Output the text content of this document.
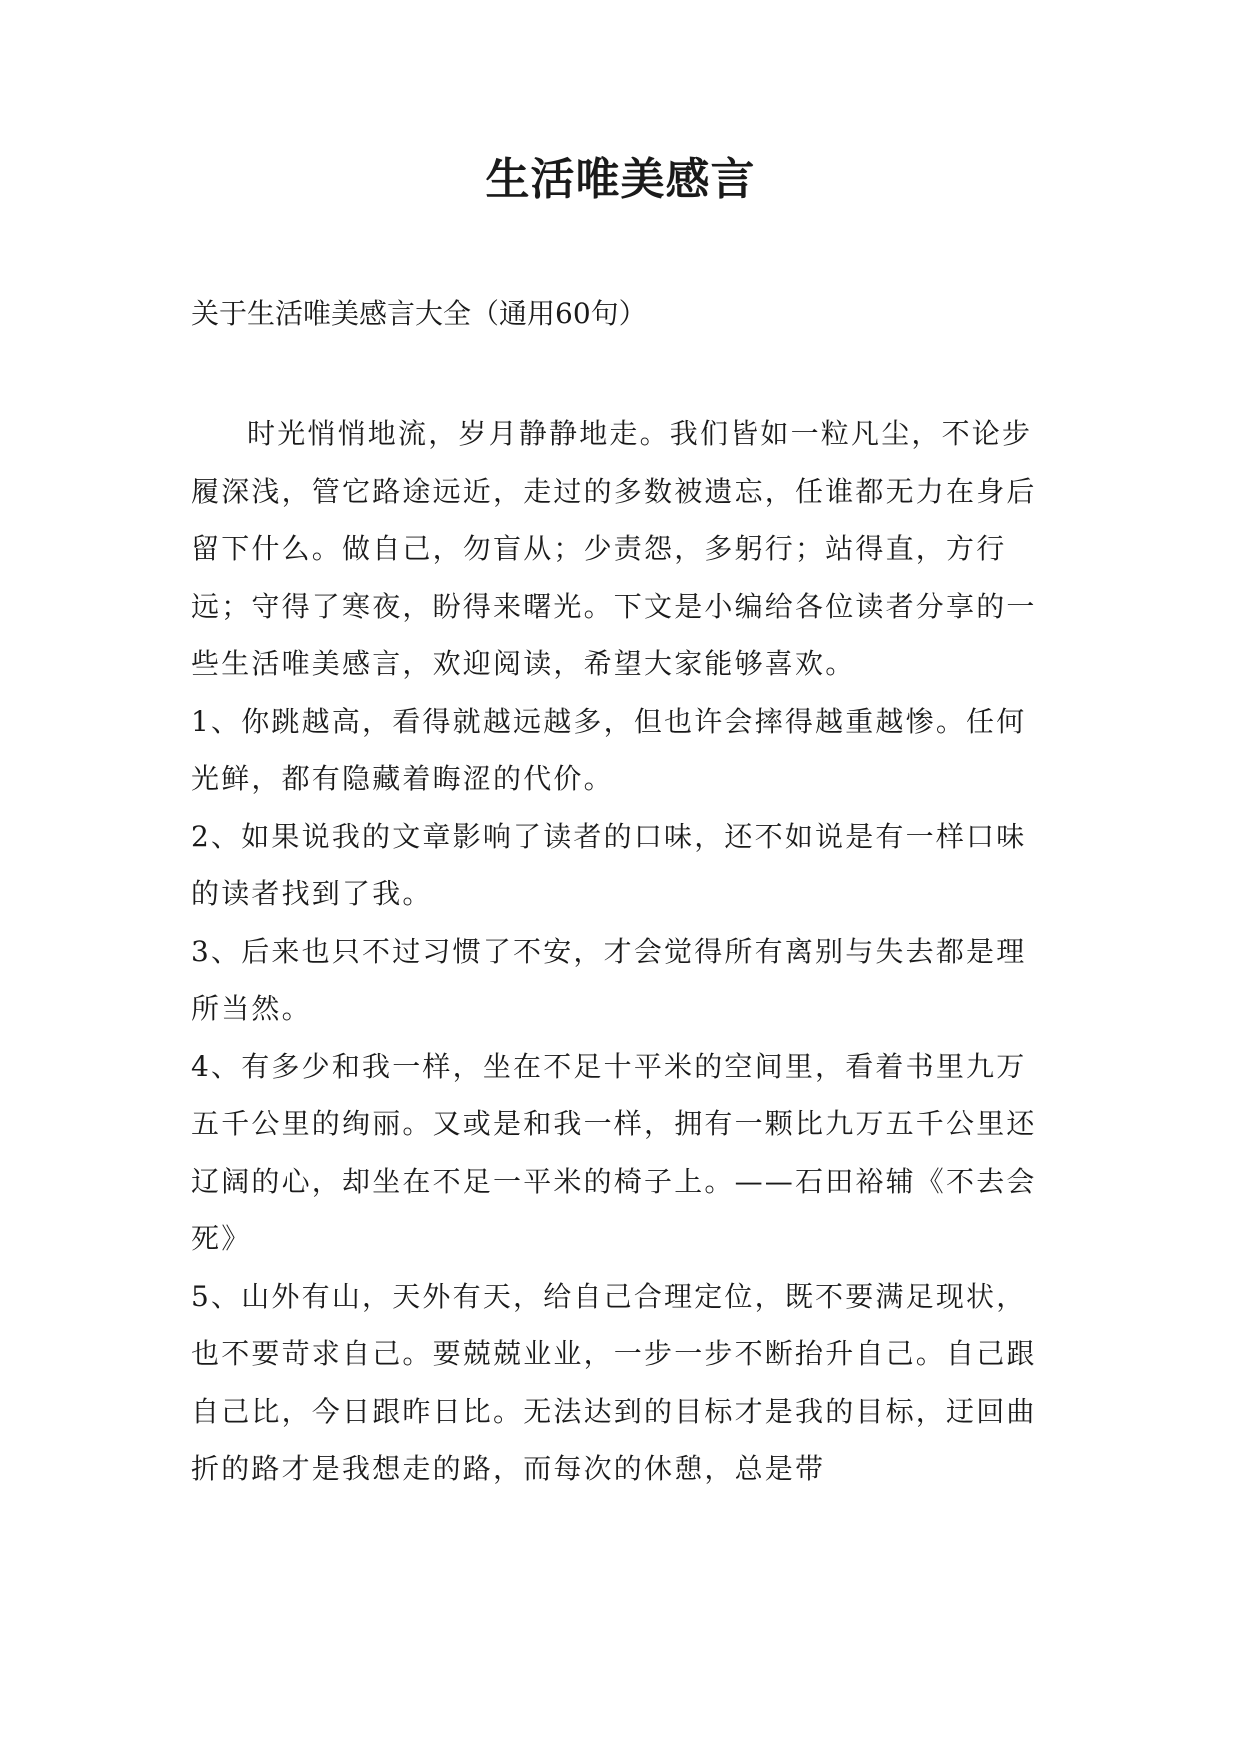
生活唯美感言
关于生活唯美感言大全（通用60句）

时光悄悄地流，岁月静静地走。我们皆如一粒凡尘，不论步履深浅，管它路途远近，走过的多数被遗忘，任谁都无力在身后留下什么。做自己，勿盲从；少责怨，多躬行；站得直，方行远；守得了寒夜，盼得来曙光。下文是小编给各位读者分享的一些生活唯美感言，欢迎阅读，希望大家能够喜欢。

1、你跳越高，看得就越远越多，但也许会摔得越重越惨。任何光鲜，都有隐藏着晦涩的代价。

2、如果说我的文章影响了读者的口味，还不如说是有一样口味的读者找到了我。

3、后来也只不过习惯了不安，才会觉得所有离别与失去都是理所当然。

4、有多少和我一样，坐在不足十平米的空间里，看着书里九万五千公里的绚丽。又或是和我一样，拥有一颗比九万五千公里还辽阔的心，却坐在不足一平米的椅子上。——石田裕辅《不去会死》

5、山外有山，天外有天，给自己合理定位，既不要满足现状，也不要苛求自己。要兢兢业业，一步一步不断抬升自己。自己跟自己比，今日跟昨日比。无法达到的目标才是我的目标，迂回曲折的路才是我想走的路，而每次的休憩，总是带
